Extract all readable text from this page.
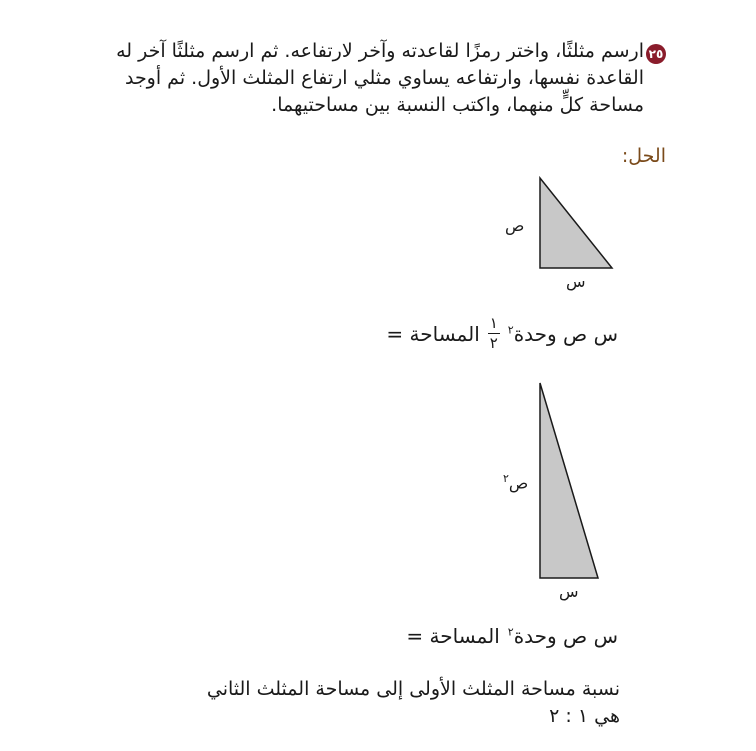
ارسم مثلثًا، واختر رمزًا لقاعدته وآخر لارتفاعه. ثم ارسم مثلثًا آخر له القاعدة نفسها، وارتفاعه يساوي مثلي ارتفاع المثلث الأول. ثم أوجد مساحة كلٍّ منهما، واكتب النسبة بين مساحتيهما.
٢٥
الحل:
ص
س
المساحة = $\frac{١}{٢}$ س ص وحدة$^٢$
ص$^٢$
س
المساحة = س ص وحدة$^٢$
نسبة مساحة المثلث الأولى إلى مساحة المثلث الثاني
هي ١ : ٢
